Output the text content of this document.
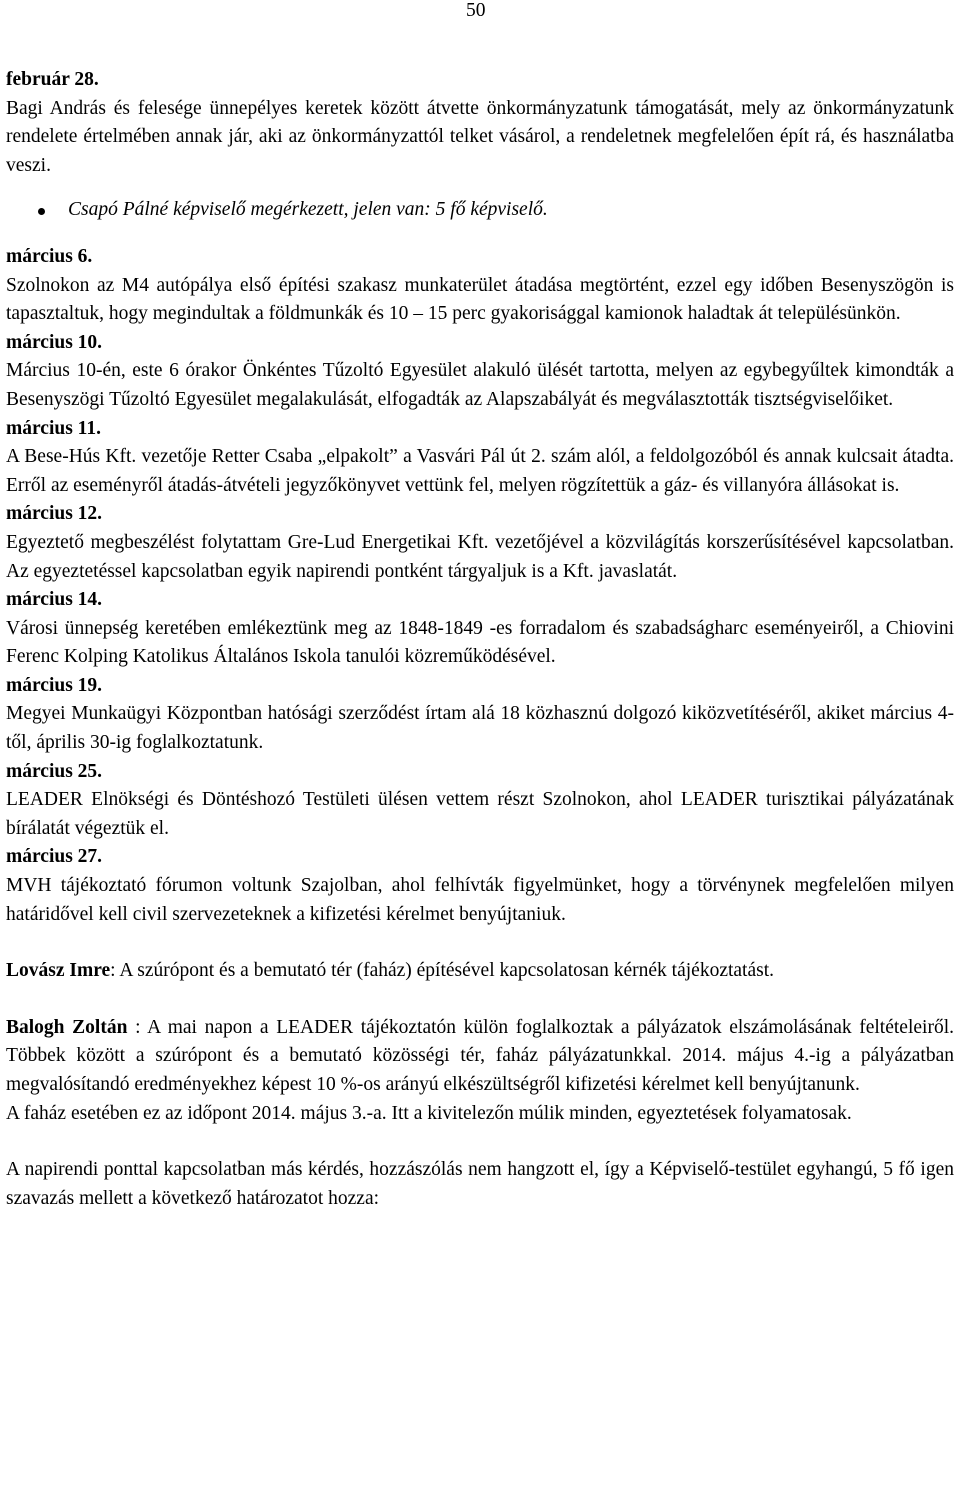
50

február 28.

Bagi András és felesége ünnepélyes keretek között átvette önkormányzatunk támogatását, mely az önkormányzatunk rendelete értelmében annak jár, aki az önkormányzattól telket vásárol, a rendeletnek megfelelően épít rá, és használatba veszi.

Csapó Pálné képviselő megérkezett, jelen van: 5 fő képviselő.

március 6.

Szolnokon az M4 autópálya első építési szakasz munkaterület átadása megtörtént, ezzel egy időben Besenyszögön is tapasztaltuk, hogy megindultak a földmunkák és 10 – 15 perc gyakorisággal kamionok haladtak át településünkön.

március 10.

Március 10-én, este 6 órakor Önkéntes Tűzoltó Egyesület alakuló ülését tartotta, melyen az egybegyűltek kimondták a Besenyszögi Tűzoltó Egyesület megalakulását, elfogadták az Alapszabályát és megválasztották tisztségviselőiket.

március 11.

A Bese-Hús Kft. vezetője Retter Csaba „elpakolt” a Vasvári Pál út 2. szám alól, a feldolgozóból és annak kulcsait átadta. Erről az eseményről átadás-átvételi jegyzőkönyvet vettünk fel, melyen rögzítettük a gáz- és villanyóra állásokat is.

március 12.

Egyeztető megbeszélést folytattam Gre-Lud Energetikai Kft. vezetőjével a közvilágítás korszerűsítésével kapcsolatban. Az egyeztetéssel kapcsolatban egyik napirendi pontként tárgyaljuk is a Kft. javaslatát.

március 14.

Városi ünnepség keretében emlékeztünk meg az 1848-1849 -es forradalom és szabadságharc eseményeiről, a Chiovini Ferenc Kolping Katolikus Általános Iskola tanulói közreműködésével.

március 19.

Megyei Munkaügyi Központban hatósági szerződést írtam alá 18 közhasznú dolgozó kiközvetítéséről, akiket március 4-től, április 30-ig foglalkoztatunk.

március 25.

LEADER Elnökségi és Döntéshozó Testületi ülésen vettem részt Szolnokon, ahol LEADER turisztikai pályázatának bírálatát végeztük el.

március 27.

MVH tájékoztató fórumon voltunk Szajolban, ahol felhívták figyelmünket, hogy a törvénynek megfelelően milyen határidővel kell civil szervezeteknek a kifizetési kérelmet benyújtaniuk.

Lovász Imre: A szúrópont és a bemutató tér (faház) építésével kapcsolatosan kérnék tájékoztatást.

Balogh Zoltán : A mai napon a LEADER tájékoztatón külön foglalkoztak a pályázatok elszámolásának feltételeiről. Többek között a szúrópont és a bemutató közösségi tér, faház pályázatunkkal. 2014. május 4.-ig a pályázatban megvalósítandó eredményekhez képest 10 %-os arányú elkészültségről kifizetési kérelmet kell benyújtanunk.

A faház esetében ez az időpont 2014. május 3.-a. Itt a kivitelezőn múlik minden, egyeztetések folyamatosak.

A napirendi ponttal kapcsolatban más kérdés, hozzászólás nem hangzott el, így a Képviselő-testület egyhangú, 5 fő igen szavazás mellett a következő határozatot hozza:
